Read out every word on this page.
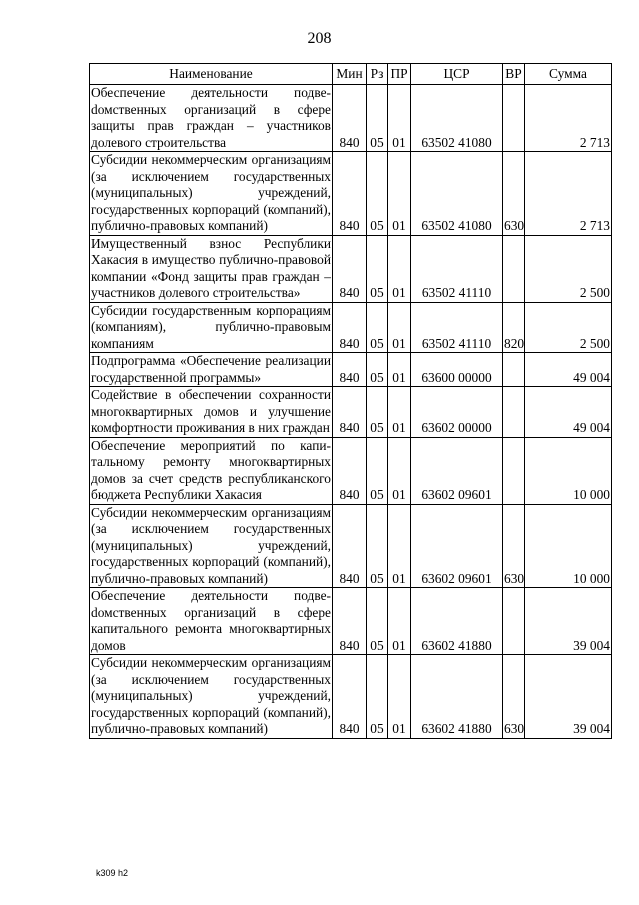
208
Наименование	Мин	Рз	ПР	ЦСР	ВР	Сумма
Обеспечение деятельности подвеdомственных организаций в сфере защиты прав граждан – участников долевого строительства	840	05	01	63502 41080		2 713
Субсидии некоммерческим организациям (за исключением государственных (муниципальных) учреждений, государственных корпораций (компаний), публично-правовых компаний)	840	05	01	63502 41080	630	2 713
Имущественный взнос Республики Хакасия в имущество публично-правовой компании «Фонд защиты прав граждан – участников долевого строительства»	840	05	01	63502 41110		2 500
Субсидии государственным корпорациям (компаниям), публично-правовым компаниям	840	05	01	63502 41110	820	2 500
Подпрограмма «Обеспечение реализации государственной программы»	840	05	01	63600 00000		49 004
Содействие в обеспечении сохранности многоквартирных домов и улучшение комфортности проживания в них граждан	840	05	01	63602 00000		49 004
Обеспечение мероприятий по капитальному ремонту многоквартирных домов за счет средств республиканского бюджета Республики Хакасия	840	05	01	63602 09601		10 000
Субсидии некоммерческим организациям (за исключением государственных (муниципальных) учреждений, государственных корпораций (компаний), публично-правовых компаний)	840	05	01	63602 09601	630	10 000
Обеспечение деятельности подвеdомственных организаций в сфере капитального ремонта многоквартирных домов	840	05	01	63602 41880		39 004
Субсидии некоммерческим организациям (за исключением государственных (муниципальных) учреждений, государственных корпораций (компаний), публично-правовых компаний)	840	05	01	63602 41880	630	39 004
k309 h2
